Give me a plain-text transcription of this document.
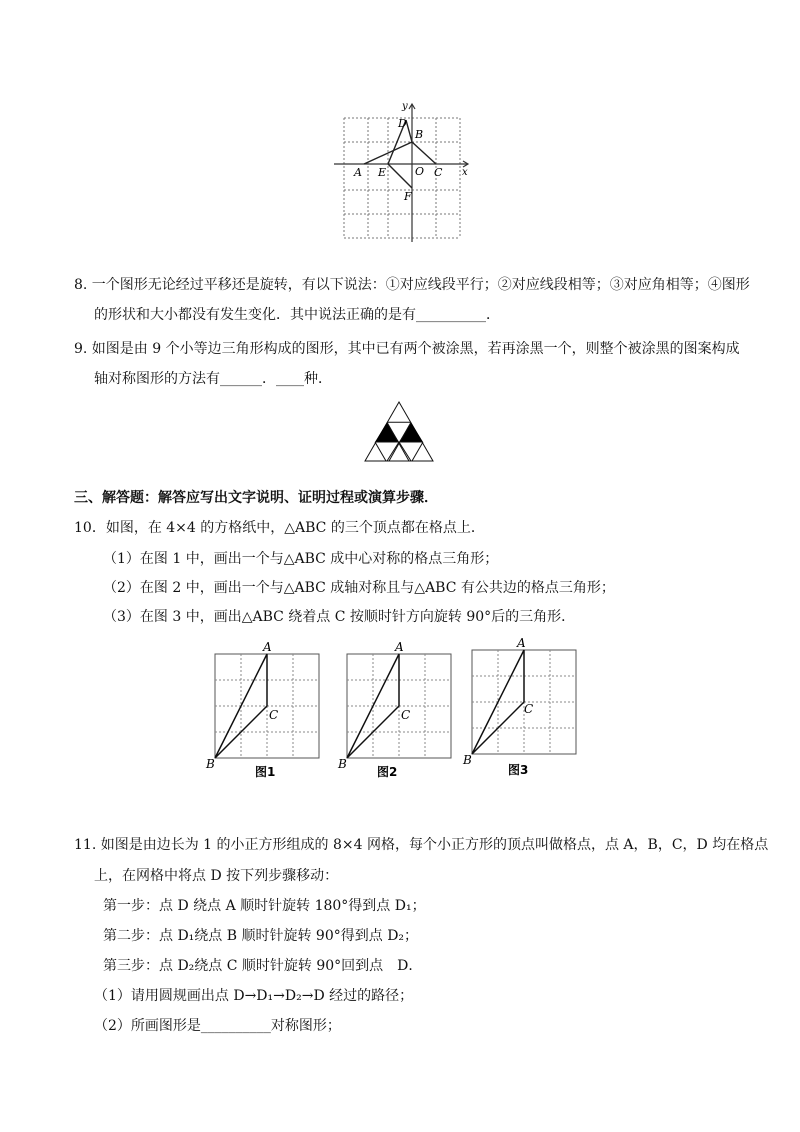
D
B
A E	O C
F
x
y
8. 一个图形无论经过平移还是旋转，有以下说法：①对应线段平行；②对应线段相等；③对应角相等；④图形
的形状和大小都没有发生变化．其中说法正确的是有__________．
9. 如图是由 9 个小等边三角形构成的图形，其中已有两个被涂黑，若再涂黑一个，则整个被涂黑的图案构成
轴对称图形的方法有______．____种．
三、解答题：解答应写出文字说明、证明过程或演算步骤．
10．如图，在 4×4 的方格纸中，△ABC 的三个顶点都在格点上．
（1）在图 1 中，画出一个与△ABC 成中心对称的格点三角形；
（2）在图 2 中，画出一个与△ABC 成轴对称且与△ABC 有公共边的格点三角形；
（3）在图 3 中，画出△ABC 绕着点 C 按顺时针方向旋转 90°后的三角形．
A
B
C
图1
A
B
C
图2
A
B
C
图3
11. 如图是由边长为 1 的小正方形组成的 8×4 网格，每个小正方形的顶点叫做格点，点 A，B，C，D 均在格点
上，在网格中将点 D 按下列步骤移动：
第一步：点 D 绕点 A 顺时针旋转 180°得到点 D₁；
第二步：点 D₁绕点 B 顺时针旋转 90°得到点 D₂；
第三步：点 D₂绕点 C 顺时针旋转 90°回到点　D．
（1）请用圆规画出点 D→D₁→D₂→D 经过的路径；
（2）所画图形是__________对称图形；
